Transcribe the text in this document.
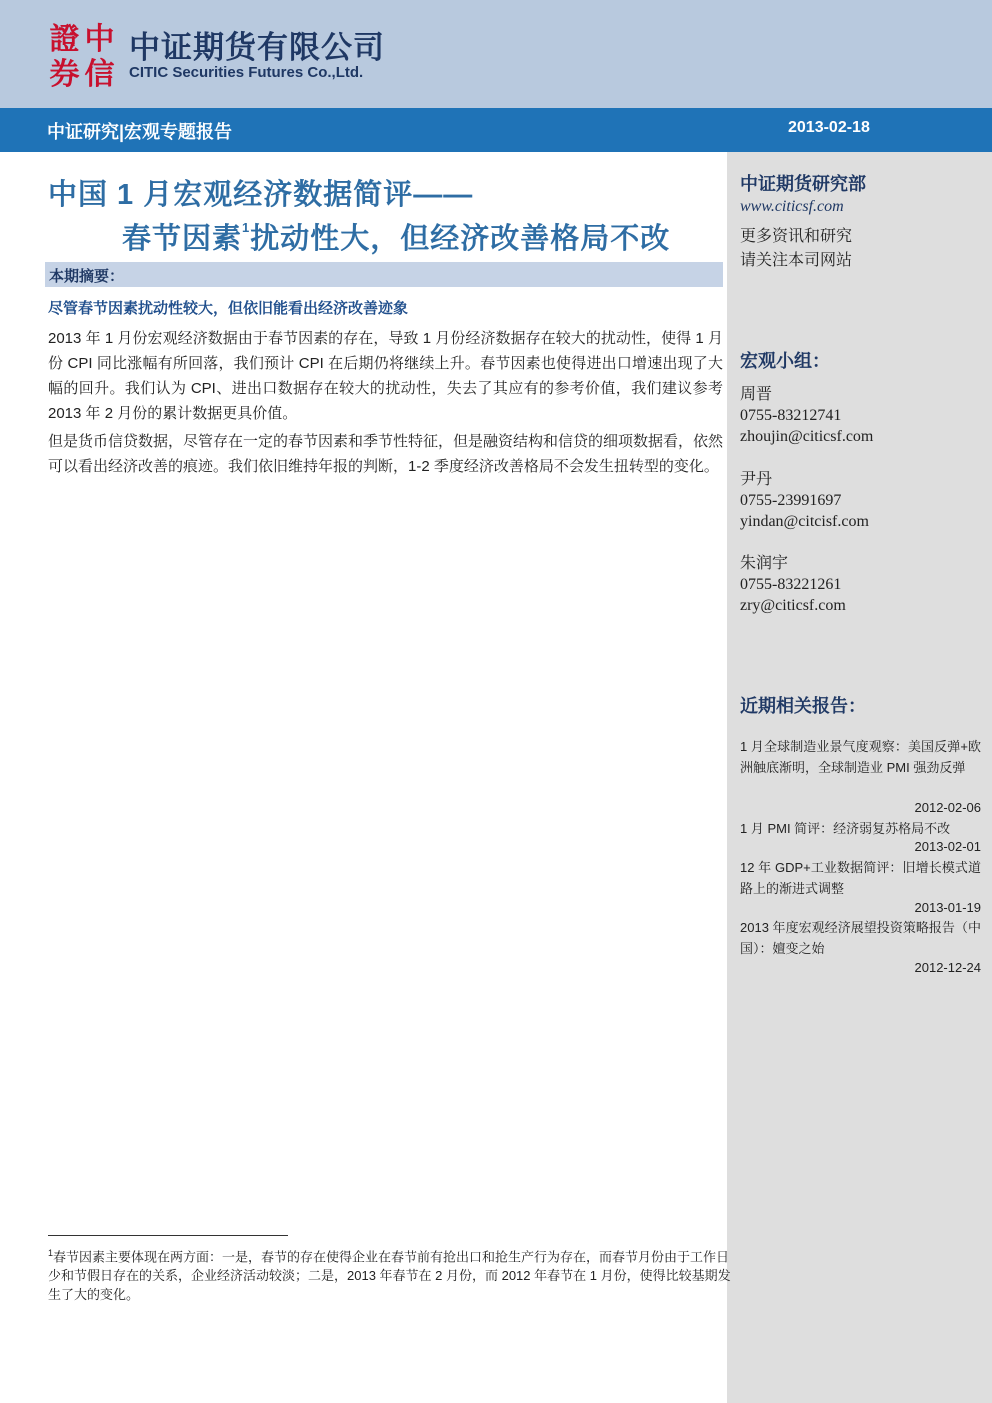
證 中
券 信
中证期货有限公司
CITIC Securities Futures Co.,Ltd.
中证研究|宏观专题报告	2013-02-18
中国 1 月宏观经济数据简评——
春节因素$^1$扰动性大，但经济改善格局不改
本期摘要：
尽管春节因素扰动性较大，但依旧能看出经济改善迹象
2013 年 1 月份宏观经济数据由于春节因素的存在，导致 1 月份经济数据存在较大的扰动性，使得 1 月份 CPI 同比涨幅有所回落，我们预计 CPI 在后期仍将继续上升。春节因素也使得进出口增速出现了大幅的回升。我们认为 CPI、进出口数据存在较大的扰动性，失去了其应有的参考价值，我们建议参考 2013 年 2 月份的累计数据更具价值。
但是货币信贷数据，尽管存在一定的春节因素和季节性特征，但是融资结构和信贷的细项数据看，依然可以看出经济改善的痕迹。我们依旧维持年报的判断，1-2 季度经济改善格局不会发生扭转型的变化。
$^1$春节因素主要体现在两方面：一是，春节的存在使得企业在春节前有抢出口和抢生产行为存在，而春节月份由于工作日少和节假日存在的关系，企业经济活动较淡；二是，2013 年春节在 2 月份，而 2012 年春节在 1 月份，使得比较基期发生了大的变化。
中证期货研究部
www.citicsf.com
更多资讯和研究
请关注本司网站
宏观小组：
周晋
0755-83212741
zhoujin@citicsf.com
尹丹
0755-23991697
yindan@citcisf.com
朱润宇
0755-83221261
zry@citicsf.com
近期相关报告：
1 月全球制造业景气度观察：美国反弹+欧洲触底渐明，全球制造业 PMI 强劲反弹
2012-02-06
1 月 PMI 简评：经济弱复苏格局不改
2013-02-01
12 年 GDP+工业数据简评：旧增长模式道路上的渐进式调整
2013-01-19
2013 年度宏观经济展望投资策略报告（中国）：嬗变之始
2012-12-24
